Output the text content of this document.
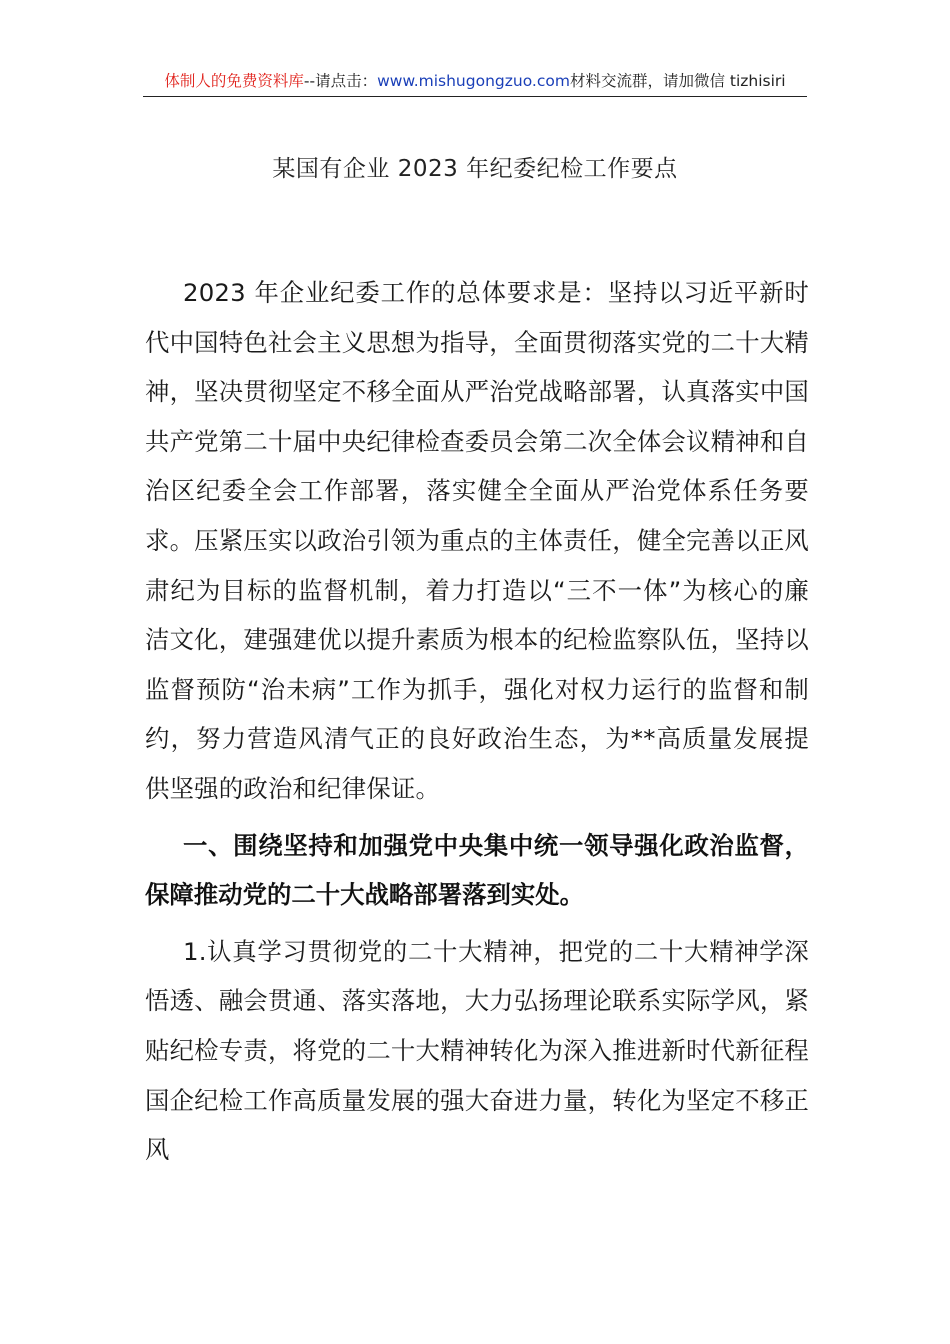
体制人的免费资料库--请点击：www.mishugongzuo.com材料交流群，请加微信 tizhisiri
某国有企业 2023 年纪委纪检工作要点

2023 年企业纪委工作的总体要求是：坚持以习近平新时代中国特色社会主义思想为指导，全面贯彻落实党的二十大精神，坚决贯彻坚定不移全面从严治党战略部署，认真落实中国共产党第二十届中央纪律检查委员会第二次全体会议精神和自治区纪委全会工作部署，落实健全全面从严治党体系任务要求。压紧压实以政治引领为重点的主体责任，健全完善以正风肃纪为目标的监督机制，着力打造以“三不一体”为核心的廉洁文化，建强建优以提升素质为根本的纪检监察队伍，坚持以监督预防“治未病”工作为抓手，强化对权力运行的监督和制约，努力营造风清气正的良好政治生态，为**高质量发展提供坚强的政治和纪律保证。

一、围绕坚持和加强党中央集中统一领导强化政治监督，保障推动党的二十大战略部署落到实处。

1.认真学习贯彻党的二十大精神，把党的二十大精神学深悟透、融会贯通、落实落地，大力弘扬理论联系实际学风，紧贴纪检专责，将党的二十大精神转化为深入推进新时代新征程国企纪检工作高质量发展的强大奋进力量，转化为坚定不移正风
